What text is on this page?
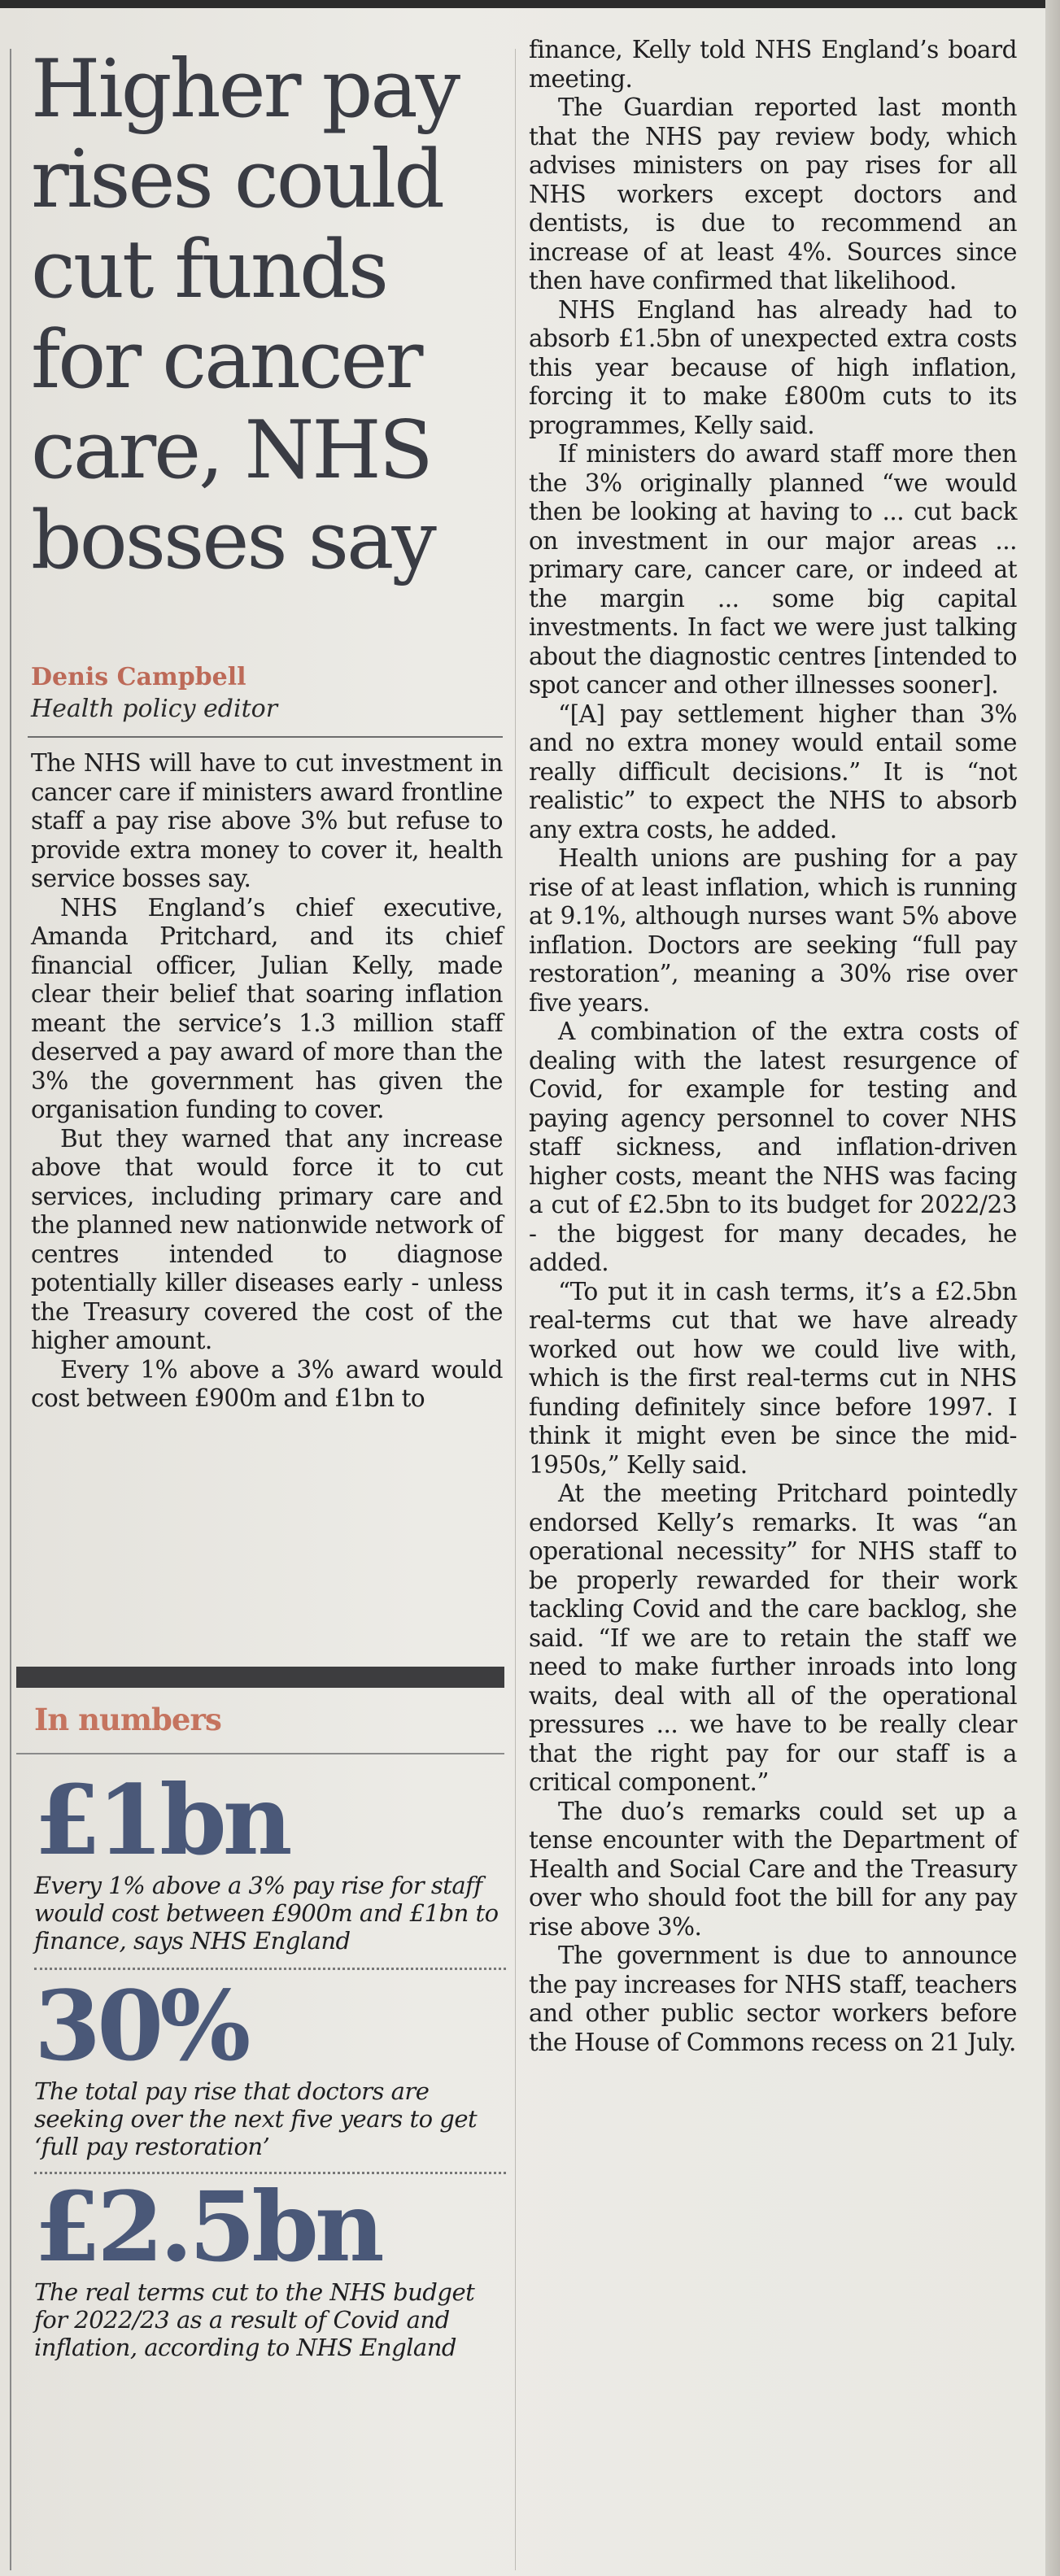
Higher pay rises could cut funds for cancer care, NHS bosses say
Denis Campbell
Health policy editor

The NHS will have to cut investment in cancer care if ministers award frontline staff a pay rise above 3% but refuse to provide extra money to cover it, health service bosses say.

NHS England’s chief executive, Amanda Pritchard, and its chief financial officer, Julian Kelly, made clear their belief that soaring inflation meant the service’s 1.3 million staff deserved a pay award of more than the 3% the government has given the organisation funding to cover.

But they warned that any increase above that would force it to cut services, including primary care and the planned new nationwide network of centres intended to diagnose potentially killer diseases early - unless the Treasury covered the cost of the higher amount.

Every 1% above a 3% award would cost between £900m and £1bn to

In numbers
£1bn
Every 1% above a 3% pay rise for staff would cost between £900m and £1bn to finance, says NHS England
30%
The total pay rise that doctors are seeking over the next five years to get ‘full pay restoration’
£2.5bn
The real terms cut to the NHS budget for 2022/23 as a result of Covid and inflation, according to NHS England

finance, Kelly told NHS England’s board meeting.

The Guardian reported last month that the NHS pay review body, which advises ministers on pay rises for all NHS workers except doctors and dentists, is due to recommend an increase of at least 4%. Sources since then have confirmed that likelihood.

NHS England has already had to absorb £1.5bn of unexpected extra costs this year because of high inflation, forcing it to make £800m cuts to its programmes, Kelly said.

If ministers do award staff more then the 3% originally planned “we would then be looking at having to ... cut back on investment in our major areas ... primary care, cancer care, or indeed at the margin ... some big capital investments. In fact we were just talking about the diagnostic centres [intended to spot cancer and other illnesses sooner].

“[A] pay settlement higher than 3% and no extra money would entail some really difficult decisions.” It is “not realistic” to expect the NHS to absorb any extra costs, he added.

Health unions are pushing for a pay rise of at least inflation, which is running at 9.1%, although nurses want 5% above inflation. Doctors are seeking “full pay restoration”, meaning a 30% rise over five years.

A combination of the extra costs of dealing with the latest resurgence of Covid, for example for testing and paying agency personnel to cover NHS staff sickness, and inflation-driven higher costs, meant the NHS was facing a cut of £2.5bn to its budget for 2022/23 - the biggest for many decades, he added.

“To put it in cash terms, it’s a £2.5bn real-terms cut that we have already worked out how we could live with, which is the first real-terms cut in NHS funding definitely since before 1997. I think it might even be since the mid-1950s,” Kelly said.

At the meeting Pritchard pointedly endorsed Kelly’s remarks. It was “an operational necessity” for NHS staff to be properly rewarded for their work tackling Covid and the care backlog, she said. “If we are to retain the staff we need to make further inroads into long waits, deal with all of the operational pressures ... we have to be really clear that the right pay for our staff is a critical component.”

The duo’s remarks could set up a tense encounter with the Department of Health and Social Care and the Treasury over who should foot the bill for any pay rise above 3%.

The government is due to announce the pay increases for NHS staff, teachers and other public sector workers before the House of Commons recess on 21 July.
